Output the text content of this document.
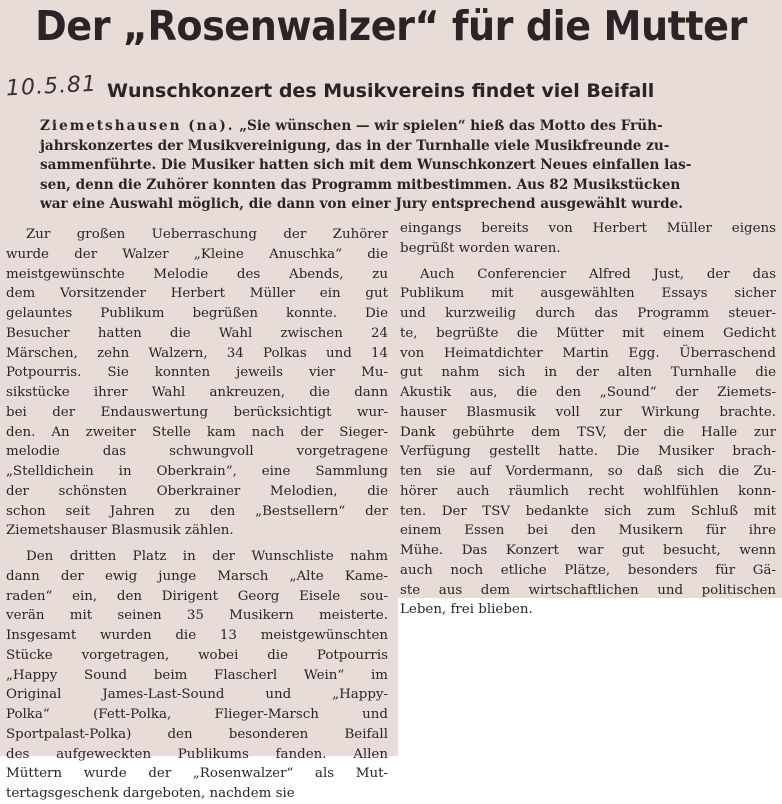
Der „Rosenwalzer“ für die Mutter
10.5.81 Wunschkonzert des Musikvereins findet viel Beifall

Ziemetshausen (na). „Sie wünschen — wir spielen“ hieß das Motto des Früh-
jahrskonzertes der Musikvereinigung, das in der Turnhalle viele Musikfreunde zu-
sammenführte. Die Musiker hatten sich mit dem Wunschkonzert Neues einfallen las-
sen, denn die Zuhörer konnten das Programm mitbestimmen. Aus 82 Musikstücken
war eine Auswahl möglich, die dann von einer Jury entsprechend ausgewählt wurde.

Zur großen Ueberraschung der Zuhörer
wurde der Walzer „Kleine Anuschka“ die
meistgewünschte Melodie des Abends, zu
dem Vorsitzender Herbert Müller ein gut
gelauntes Publikum begrüßen konnte. Die
Besucher hatten die Wahl zwischen 24
Märschen, zehn Walzern, 34 Polkas und 14
Potpourris. Sie konnten jeweils vier Mu-
sikstücke ihrer Wahl ankreuzen, die dann
bei der Endauswertung berücksichtigt wur-
den. An zweiter Stelle kam nach der Sieger-
melodie das schwungvoll vorgetragene
„Stelldichein in Oberkrain“, eine Sammlung
der schönsten Oberkrainer Melodien, die
schon seit Jahren zu den „Bestsellern“ der
Ziemetshauser Blasmusik zählen.
Den dritten Platz in der Wunschliste nahm
dann der ewig junge Marsch „Alte Kame-
raden“ ein, den Dirigent Georg Eisele sou-
verän mit seinen 35 Musikern meisterte.
Insgesamt wurden die 13 meistgewünschten
Stücke vorgetragen, wobei die Potpourris
„Happy Sound beim Flascherl Wein“ im
Original James-Last-Sound und „Happy-
Polka“ (Fett-Polka, Flieger-Marsch und
Sportpalast-Polka) den besonderen Beifall
des aufgeweckten Publikums fanden. Allen
Müttern wurde der „Rosenwalzer“ als Mut-
tertagsgeschenk dargeboten, nachdem sie
eingangs bereits von Herbert Müller eigens
begrüßt worden waren.
Auch Conferencier Alfred Just, der das
Publikum mit ausgewählten Essays sicher
und kurzweilig durch das Programm steuer-
te, begrüßte die Mütter mit einem Gedicht
von Heimatdichter Martin Egg. Überraschend
gut nahm sich in der alten Turnhalle die
Akustik aus, die den „Sound“ der Ziemets-
hauser Blasmusik voll zur Wirkung brachte.
Dank gebührte dem TSV, der die Halle zur
Verfügung gestellt hatte. Die Musiker brach-
ten sie auf Vordermann, so daß sich die Zu-
hörer auch räumlich recht wohlfühlen konn-
ten. Der TSV bedankte sich zum Schluß mit
einem Essen bei den Musikern für ihre
Mühe. Das Konzert war gut besucht, wenn
auch noch etliche Plätze, besonders für Gä-
ste aus dem wirtschaftlichen und politischen
Leben, frei blieben.
